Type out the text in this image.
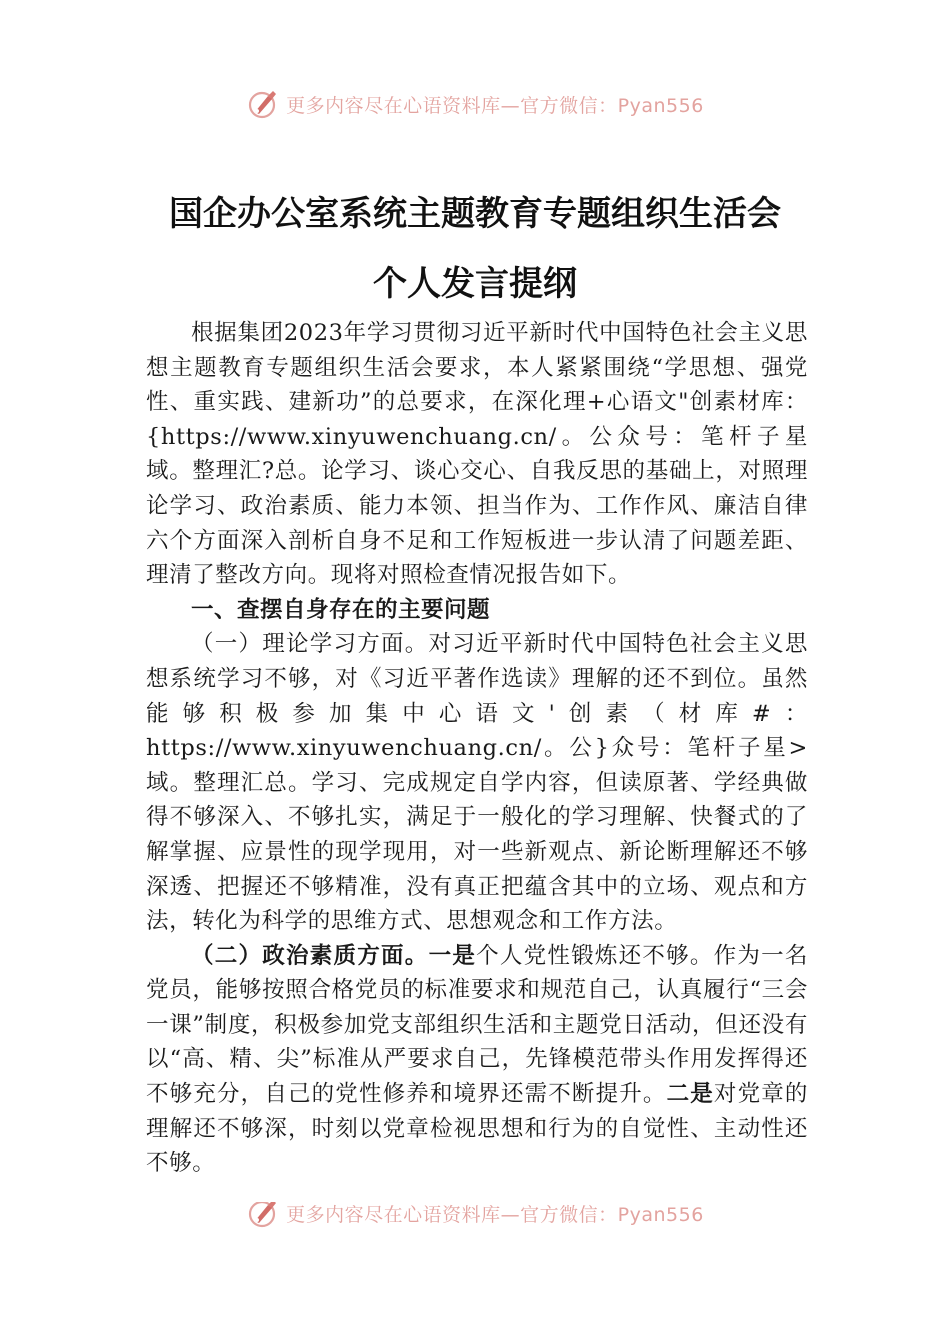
更多内容尽在心语资料库—官方微信：Pyan556
国企办公室系统主题教育专题组织生活会
个人发言提纲

根据集团2023年学习贯彻习近平新时代中国特色社会主义思想主题教育专题组织生活会要求，本人紧紧围绕“学思想、强党性、重实践、建新功”的总要求，在深化理+心语文"创素材库：{https://www.xinyuwenchuang.cn/。公众号：笔杆子星域。整理汇?总。论学习、谈心交心、自我反思的基础上，对照理论学习、政治素质、能力本领、担当作为、工作作风、廉洁自律六个方面深入剖析自身不足和工作短板进一步认清了问题差距、理清了整改方向。现将对照检查情况报告如下。

一、查摆自身存在的主要问题

（一）理论学习方面。对习近平新时代中国特色社会主义思想系统学习不够，对《习近平著作选读》理解的还不到位。虽然能够积极参加集中心语文'创素（材库#：https://www.xinyuwenchuang.cn/。公}众号：笔杆子星>域。整理汇总。学习、完成规定自学内容，但读原著、学经典做得不够深入、不够扎实，满足于一般化的学习理解、快餐式的了解掌握、应景性的现学现用，对一些新观点、新论断理解还不够深透、把握还不够精准，没有真正把蕴含其中的立场、观点和方法，转化为科学的思维方式、思想观念和工作方法。

（二）政治素质方面。一是个人党性锻炼还不够。作为一名党员，能够按照合格党员的标准要求和规范自己，认真履行“三会一课”制度，积极参加党支部组织生活和主题党日活动，但还没有以“高、精、尖”标准从严要求自己，先锋模范带头作用发挥得还不够充分，自己的党性修养和境界还需不断提升。二是对党章的理解还不够深，时刻以党章检视思想和行为的自觉性、主动性还不够。

更多内容尽在心语资料库—官方微信：Pyan556
